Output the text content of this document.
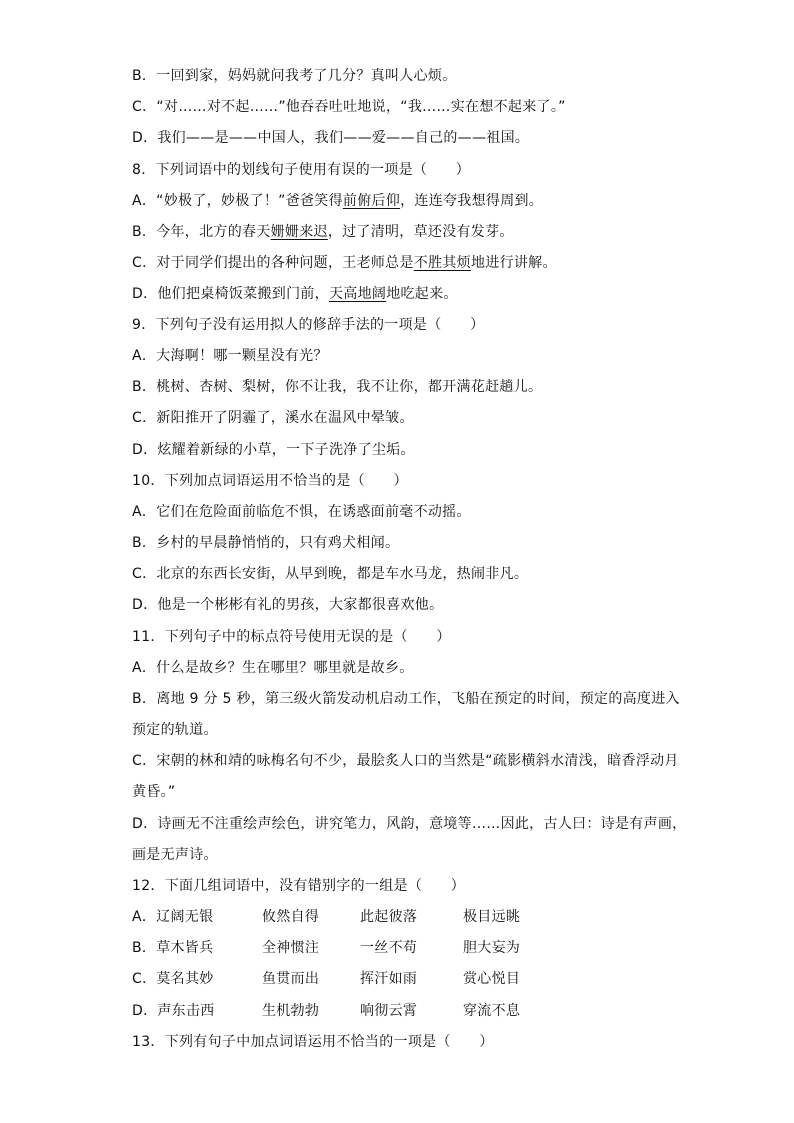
B．一回到家，妈妈就问我考了几分？真叫人心烦。
C．“对……对不起……”他吞吞吐吐地说，“我……实在想不起来了。”
D．我们——是——中国人，我们——爱——自己的——祖国。
8．下列词语中的划线句子使用有误的一项是（　　）
A．“妙极了，妙极了！”爸爸笑得前俯后仰，连连夸我想得周到。
B．今年，北方的春天姗姗来迟，过了清明，草还没有发芽。
C．对于同学们提出的各种问题，王老师总是不胜其烦地进行讲解。
D．他们把桌椅饭菜搬到门前，天高地阔地吃起来。
9．下列句子没有运用拟人的修辞手法的一项是（　　）
A．大海啊！哪一颗星没有光？
B．桃树、杏树、梨树，你不让我，我不让你，都开满花赶趟儿。
C．新阳推开了阴霾了，溪水在温风中晕皱。
D．炫耀着新绿的小草，一下子洗净了尘垢。
10．下列加点词语运用不恰当的是（　　）
A．它们在危险面前临危不惧，在诱惑面前毫不动摇。
B．乡村的早晨静悄悄的，只有鸡犬相闻。
C．北京的东西长安街，从早到晚，都是车水马龙，热闹非凡。
D．他是一个彬彬有礼的男孩，大家都很喜欢他。
11．下列句子中的标点符号使用无误的是（　　）
A．什么是故乡？生在哪里？哪里就是故乡。
B．离地 9 分 5 秒，第三级火箭发动机启动工作，飞船在预定的时间，预定的高度进入
预定的轨道。
C．宋朝的林和靖的咏梅名句不少，最脍炙人口的当然是“疏影横斜水清浅，暗香浮动月
黄昏。”
D．诗画无不注重绘声绘色，讲究笔力，风韵，意境等……因此，古人曰：诗是有声画，
画是无声诗。
12．下面几组词语中，没有错别字的一组是（　　）
A．辽阔无银	攸然自得	此起彼落	极目远眺
B．草木皆兵	全神惯注	一丝不苟	胆大妄为
C．莫名其妙	鱼贯而出	挥汗如雨	赏心悦目
D．声东击西	生机勃勃	响彻云霄	穿流不息
13．下列有句子中加点词语运用不恰当的一项是（　　）
